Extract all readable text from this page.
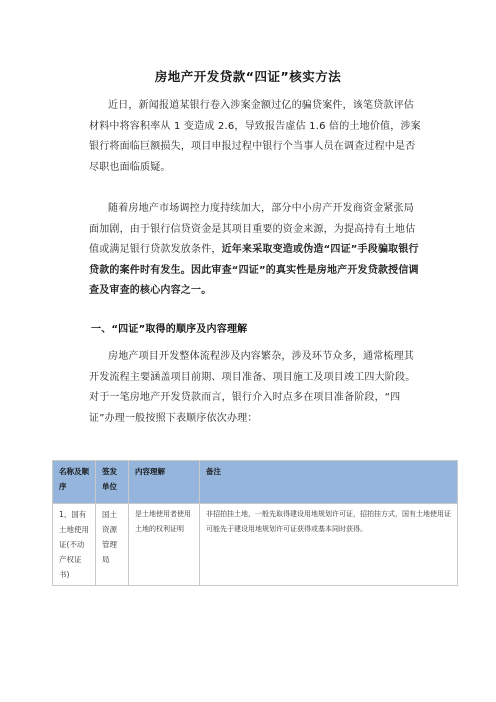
房地产开发贷款“四证”核实方法

近日，新闻报道某银行卷入涉案金额过亿的骗贷案件，该笔贷款评估材料中将容积率从 1 变造成 2.6，导致报告虚估 1.6 倍的土地价值，涉案银行将面临巨额损失，项目申报过程中银行个当事人员在调查过程中是否尽职也面临质疑。

随着房地产市场调控力度持续加大，部分中小房产开发商资金紧张局面加剧，由于银行信贷资金是其项目重要的资金来源，为提高持有土地估值或满足银行贷款发放条件，近年来采取变造或伪造“四证”手段骗取银行贷款的案件时有发生。因此审查“四证”的真实性是房地产开发贷款授信调查及审查的核心内容之一。

一、“四证”取得的顺序及内容理解

房地产项目开发整体流程涉及内容繁杂，涉及环节众多，通常梳理其开发流程主要涵盖项目前期、项目准备、项目施工及项目竣工四大阶段。对于一笔房地产开发贷款而言，银行介入时点多在项目准备阶段，“四证”办理一般按照下表顺序依次办理：

名称及顺序	签发单位	内容理解	备注
1、国有土地使用证(不动产权证书)	国土资源管理局	是土地使用者使用土地的权利证明	非招拍挂土地，一般先取得建设用地规划许可证，招拍挂方式，国有土地使用证可能先于建设用地规划许可证获得或基本同时获得。
